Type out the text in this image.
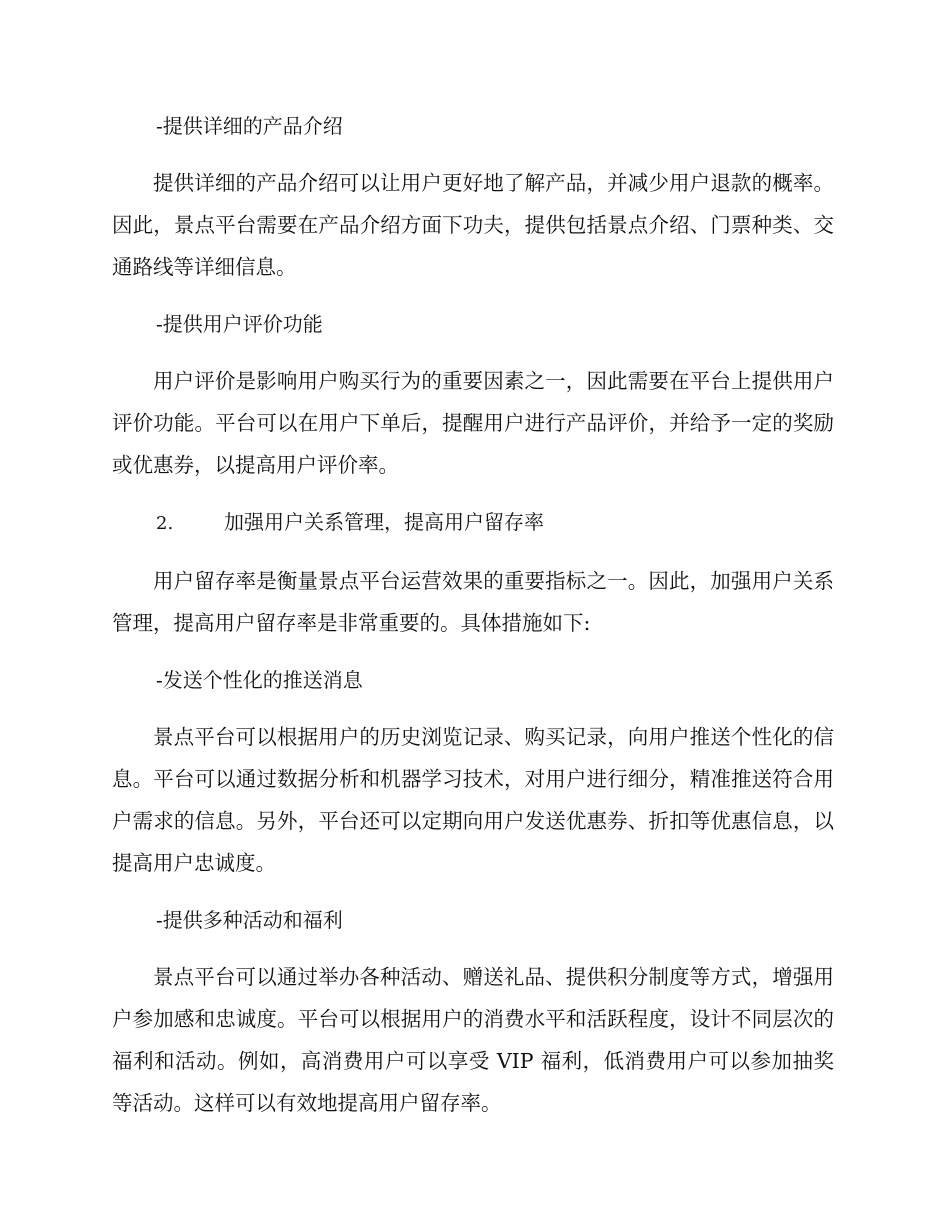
-提供详细的产品介绍

提供详细的产品介绍可以让用户更好地了解产品，并减少用户退款的概率。因此，景点平台需要在产品介绍方面下功夫，提供包括景点介绍、门票种类、交通路线等详细信息。

-提供用户评价功能

用户评价是影响用户购买行为的重要因素之一，因此需要在平台上提供用户评价功能。平台可以在用户下单后，提醒用户进行产品评价，并给予一定的奖励或优惠券，以提高用户评价率。

2.	加强用户关系管理，提高用户留存率

用户留存率是衡量景点平台运营效果的重要指标之一。因此，加强用户关系管理，提高用户留存率是非常重要的。具体措施如下:

-发送个性化的推送消息

景点平台可以根据用户的历史浏览记录、购买记录，向用户推送个性化的信息。平台可以通过数据分析和机器学习技术，对用户进行细分，精准推送符合用户需求的信息。另外，平台还可以定期向用户发送优惠券、折扣等优惠信息，以提高用户忠诚度。

-提供多种活动和福利

景点平台可以通过举办各种活动、赠送礼品、提供积分制度等方式，增强用户参加感和忠诚度。平台可以根据用户的消费水平和活跃程度，设计不同层次的福利和活动。例如，高消费用户可以享受 VIP 福利，低消费用户可以参加抽奖等活动。这样可以有效地提高用户留存率。
